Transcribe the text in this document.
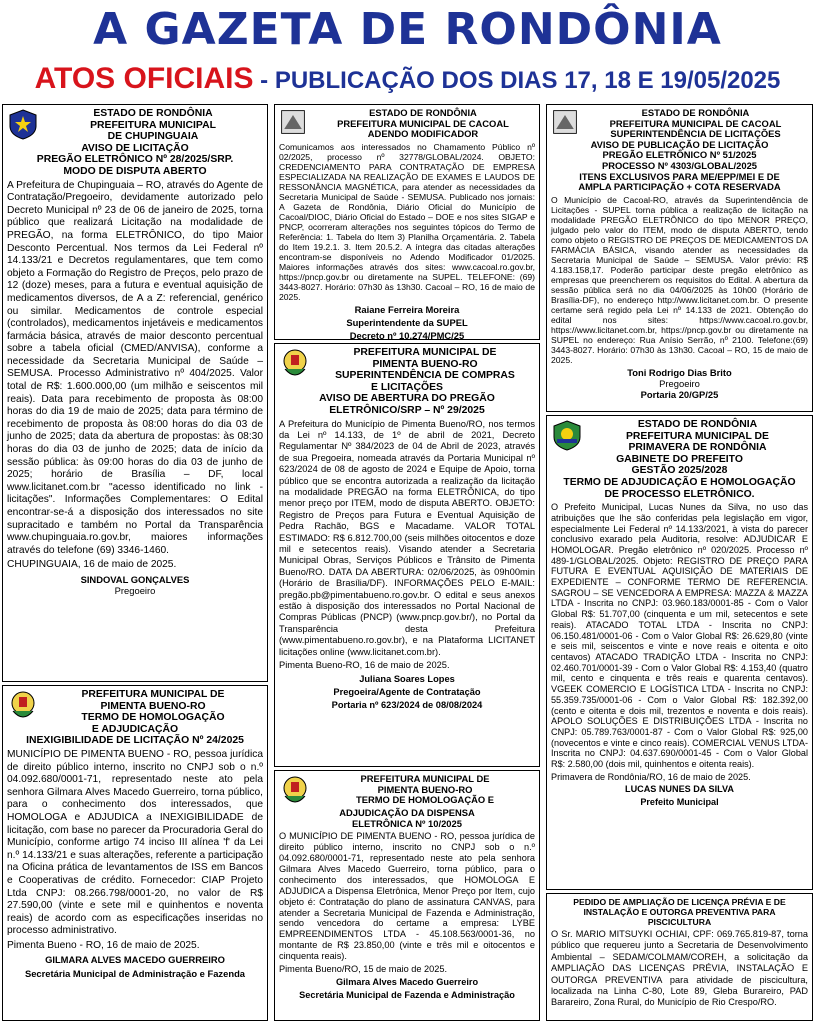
A GAZETA DE RONDÔNIA
ATOS OFICIAIS - PUBLICAÇÃO DOS DIAS 17, 18 E 19/05/2025
ESTADO DE RONDÔNIA
PREFEITURA MUNICIPAL
DE CHUPINGUAIA
AVISO DE LICITAÇÃO
PREGÃO ELETRÔNICO Nº 28/2025/SRP.
MODO DE DISPUTA ABERTO
A Prefeitura de Chupinguaia – RO, através do Agente de Contratação/Pregoeiro, devidamente autorizado pelo Decreto Municipal nº 23 de 06 de janeiro de 2025, torna público que realizará Licitação na modalidade de PREGÃO, na forma ELETRÔNICO, do tipo Maior Desconto Percentual. Nos termos da Lei Federal nº 14.133/21 e Decretos regulamentares, que tem como objeto a Formação do Registro de Preços, pelo prazo de 12 (doze) meses, para a futura e eventual aquisição de medicamentos diversos, de A a Z: referencial, genérico ou similar. Medicamentos de controle especial (controlados), medicamentos injetáveis e medicamentos farmácia básica, através de maior desconto percentual sobre a tabela oficial (CMED/ANVISA), conforme a necessidade da Secretaria Municipal de Saúde – SEMUSA. Processo Administrativo nº 404/2025. Valor total de R$: 1.600.000,00 (um milhão e seiscentos mil reais). Data para recebimento de proposta às 08:00 horas do dia 19 de maio de 2025; data para término de recebimento de proposta às 08:00 horas do dia 03 de junho de 2025; data da abertura de propostas: às 08:30 horas do dia 03 de junho de 2025; data de início da sessão pública: às 09:00 horas do dia 03 de junho de 2025; horário de Brasília – DF, local www.licitanet.com.br "acesso identificado no link - licitações". Informações Complementares: O Edital encontrar-se-á a disposição dos interessados no site supracitado e também no Portal da Transparência www.chupinguaia.ro.gov.br, maiores informações através do telefone (69) 3346-1460.
CHUPINGUAIA, 16 de maio de 2025.
SINDOVAL GONÇALVES
Pregoeiro
PREFEITURA MUNICIPAL DE
PIMENTA BUENO-RO
TERMO DE HOMOLOGAÇÃO
E ADJUDICAÇÃO
INEXIGIBILIDADE DE LICITAÇÃO Nº 24/2025
MUNICÍPIO DE PIMENTA BUENO - RO, pessoa jurídica de direito público interno, inscrito no CNPJ sob o n.º 04.092.680/0001-71, representado neste ato pela senhora Gilmara Alves Macedo Guerreiro, torna público, para o conhecimento dos interessados, que HOMOLOGA e ADJUDICA a INEXIGIBILIDADE de licitação, com base no parecer da Procuradoria Geral do Município, conforme artigo 74 inciso III alínea 'f' da Lei n.º 14.133/21 e suas alterações, referente a participação na Oficina prática de levantamentos de ISS em Bancos e Cooperativas de crédito. Fornecedor: CIAP Projeto Ltda CNPJ: 08.266.798/0001-20, no valor de R$ 27.590,00 (vinte e sete mil e quinhentos e noventa reais) de acordo com as especificações inseridas no processo administrativo.
Pimenta Bueno - RO, 16 de maio de 2025.
GILMARA ALVES MACEDO GUERREIRO
Secretária Municipal de Administração e Fazenda
ESTADO DE RONDÔNIA
PREFEITURA MUNICIPAL DE CACOAL
ADENDO MODIFICADOR
Comunicamos aos interessados no Chamamento Público nº 02/2025, processo nº 32778/GLOBAL/2024. OBJETO: CREDENCIAMENTO PARA CONTRATAÇÃO DE EMPRESA ESPECIALIZADA NA REALIZAÇÃO DE EXAMES E LAUDOS DE RESSONÂNCIA MAGNÉTICA, para atender as necessidades da Secretaria Municipal de Saúde - SEMUSA. Publicado nos jornais: A Gazeta de Rondônia, Diário Oficial do Município de Cacoal/DIOC, Diário Oficial do Estado – DOE e nos sites SIGAP e PNCP, ocorreram alterações nos seguintes tópicos do Termo de Referência: 1. Tabela do Item 3) Planilha Orçamentária. 2. Tabela do Item 19.2.1. 3. Item 20.5.2. A íntegra das citadas alterações encontram-se disponíveis no Adendo Modificador 01/2025. Maiores informações através dos sites: www.cacoal.ro.gov.br, https://pncp.gov.br ou diretamente na SUPEL. TELEFONE: (69) 3443-8027. Horário: 07h30 às 13h30. Cacoal – RO, 16 de maio de 2025.
Raiane Ferreira Moreira
Superintendente da SUPEL
Decreto nº 10.274/PMC/25
PREFEITURA MUNICIPAL DE
PIMENTA BUENO-RO
SUPERINTENDÊNCIA DE COMPRAS
E LICITAÇÕES
AVISO DE ABERTURA DO PREGÃO
ELETRÔNICO/SRP – Nº 29/2025
A Prefeitura do Município de Pimenta Bueno/RO, nos termos da Lei nº 14.133, de 1º de abril de 2021, Decreto Regulamentar Nº 384/2023 de 04 de Abril de 2023, através de sua Pregoeira, nomeada através da Portaria Municipal nº 623/2024 de 08 de agosto de 2024 e Equipe de Apoio, torna público que se encontra autorizada a realização da licitação na modalidade PREGÃO na forma ELETRÔNICA, do tipo menor preço por ITEM, modo de disputa ABERTO. OBJETO: Registro de Preços para Futura e Eventual Aquisição de Pedra Rachão, BGS e Macadame. VALOR TOTAL ESTIMADO: R$ 6.812.700,00 (seis milhões oitocentos e doze mil e setecentos reais). Visando atender a Secretaria Municipal Obras, Serviços Públicos e Trânsito de Pimenta Bueno/RO. DATA DA ABERTURA: 02/06/2025, às 09h00min (Horário de Brasília/DF). INFORMAÇÕES PELO E-MAIL: pregão.pb@pimentabueno.ro.gov.br. O edital e seus anexos estão à disposição dos interessados no Portal Nacional de Compras Públicas (PNCP) (www.pncp.gov.br/), no Portal da Transparência desta Prefeitura (www.pimentabueno.ro.gov.br), e na Plataforma LICITANET licitações online (www.licitanet.com.br).
Pimenta Bueno-RO, 16 de maio de 2025.
Juliana Soares Lopes
Pregoeira/Agente de Contratação
Portaria nº 623/2024 de 08/08/2024
PREFEITURA MUNICIPAL DE
PIMENTA BUENO-RO
TERMO DE HOMOLOGAÇÃO E
ADJUDICAÇÃO DA DISPENSA
ELETRÔNICA Nº 10/2025
O MUNICÍPIO DE PIMENTA BUENO - RO, pessoa jurídica de direito público interno, inscrito no CNPJ sob o n.º 04.092.680/0001-71, representado neste ato pela senhora Gilmara Alves Macedo Guerreiro, torna público, para o conhecimento dos interessados, que HOMOLOGA E ADJUDICA a Dispensa Eletrônica, Menor Preço por Item, cujo objeto é: Contratação do plano de assinatura CANVAS, para atender a Secretaria Municipal de Fazenda e Administração, sendo vencedora do certame a empresa: LYBE EMPREENDIMENTOS LTDA - 45.108.563/0001-36, no montante de R$ 23.850,00 (vinte e três mil e oitocentos e cinquenta reais).
Pimenta Bueno/RO, 15 de maio de 2025.
Gilmara Alves Macedo Guerreiro
Secretária Municipal de Fazenda e Administração
ESTADO DE RONDÔNIA
PREFEITURA MUNICIPAL DE CACOAL
SUPERINTENDÊNCIA DE LICITAÇÕES
AVISO DE PUBLICAÇÃO DE LICITAÇÃO
PREGÃO ELETRÔNICO Nº 51/2025
PROCESSO Nº 4303/GLOBAL/2025
ITENS EXCLUSIVOS PARA ME/EPP/MEI E DE
AMPLA PARTICIPAÇÃO + COTA RESERVADA
O Município de Cacoal-RO, através da Superintendência de Licitações - SUPEL torna pública a realização de licitação na modalidade PREGÃO ELETRÔNICO do tipo MENOR PREÇO, julgado pelo valor do ITEM, modo de disputa ABERTO, tendo como objeto o REGISTRO DE PREÇOS DE MEDICAMENTOS DA FARMÁCIA BÁSICA, visando atender as necessidades da Secretaria Municipal de Saúde – SEMUSA. Valor prévio: R$ 4.183.158,17. Poderão participar deste pregão eletrônico as empresas que preencherem os requisitos do Edital. A abertura da sessão pública será no dia 04/06/2025 às 10h00 (Horário de Brasília-DF), no endereço http://www.licitanet.com.br. O presente certame será regido pela Lei nº 14.133 de 2021. Obtenção do edital nos sites: https://www.cacoal.ro.gov.br, https://www.licitanet.com.br, https://pncp.gov.br ou diretamente na SUPEL no endereço: Rua Anísio Serrão, nº 2100. Telefone:(69) 3443-8027. Horário: 07h30 às 13h30. Cacoal – RO, 15 de maio de 2025.
Toni Rodrigo Dias Brito
Pregoeiro
Portaria 20/GP/25
ESTADO DE RONDÔNIA
PREFEITURA MUNICIPAL DE
PRIMAVERA DE RONDÔNIA
GABINETE DO PREFEITO
GESTÃO 2025/2028
TERMO DE ADJUDICAÇÃO E HOMOLOGAÇÃO
DE PROCESSO ELETRÔNICO.
O Prefeito Municipal, Lucas Nunes da Silva, no uso das atribuições que lhe são conferidas pela legislação em vigor, especialmente Lei Federal nº 14.133/2021, à vista do parecer conclusivo exarado pela Auditoria, resolve: ADJUDICAR E HOMOLOGAR. Pregão eletrônico nº 020/2025. Processo nº 489-1/GLOBAL/2025. Objeto: REGISTRO DE PREÇO PARA FUTURA E EVENTUAL AQUISIÇÃO DE MATERIAIS DE EXPEDIENTE – CONFORME TERMO DE REFERENCIA. SAGROU – SE VENCEDORA A EMPRESA: MAZZA & MAZZA LTDA - Inscrita no CNPJ: 03.960.183/0001-85 - Com o Valor Global R$: 51.707,00 (cinquenta e um mil, setecentos e sete reais). ATACADO TOTAL LTDA - Inscrita no CNPJ: 06.150.481/0001-06 - Com o Valor Global R$: 26.629,80 (vinte e seis mil, seiscentos e vinte e nove reais e oitenta e oito centavos) ATACADO TRADIÇÃO LTDA - Inscrita no CNPJ: 02.460.701/0001-39 - Com o Valor Global R$: 4.153,40 (quatro mil, cento e cinquenta e três reais e quarenta centavos). VGEEK COMERCIO E LOGÍSTICA LTDA - Inscrita no CNPJ: 55.359.735/0001-06 - Com o Valor Global R$: 182.392,00 (cento e oitenta e dois mil, trezentos e noventa e dois reais). APOLO SOLUÇÕES E DISTRIBUIÇÕES LTDA - Inscrita no CNPJ: 05.789.763/0001-87 - Com o Valor Global R$: 925,00 (novecentos e vinte e cinco reais). COMERCIAL VENUS LTDA- Inscrita no CNPJ: 04.637.690/0001-45 - Com o Valor Global R$: 2.580,00 (dois mil, quinhentos e oitenta reais).
Primavera de Rondônia/RO, 16 de maio de 2025.
LUCAS NUNES DA SILVA
Prefeito Municipal
PEDIDO DE AMPLIAÇÃO DE LICENÇA PRÉVIA E DE
INSTALAÇÃO E OUTORGA PREVENTIVA PARA PISCICULTURA
O Sr. MARIO MITSUYKI OCHIAI, CPF: 069.765.819-87, torna público que requereu junto a Secretaria de Desenvolvimento Ambiental – SEDAM/COLMAM/COREH, a solicitação da AMPLIAÇÃO DAS LICENÇAS PRÉVIA, INSTALAÇÃO E OUTORGA PREVENTIVA para atividade de piscicultura, localizada na Linha C-80, Lote 89, Gleba Burareiro, PAD Barareiro, Zona Rural, do Município de Rio Crespo/RO.
